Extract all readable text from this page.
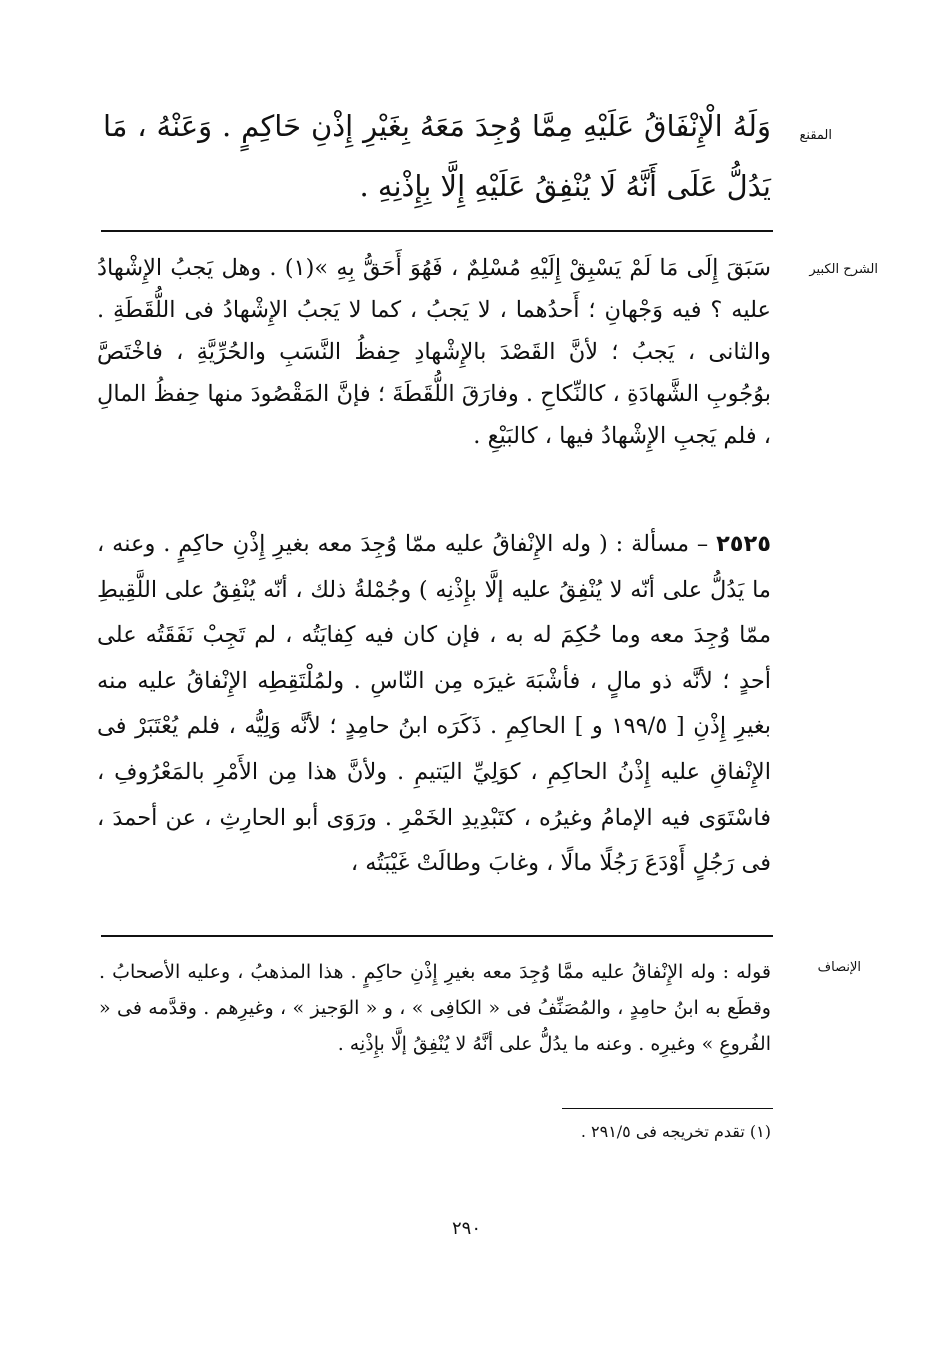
المقنع

وَلَهُ الْإِنْفَاقُ عَلَيْهِ مِمَّا وُجِدَ مَعَهُ بِغَيْرِ إِذْنِ حَاكِمٍ . وَعَنْهُ ، مَا يَدُلُّ عَلَى أَنَّهُ لَا يُنْفِقُ عَلَيْهِ إِلَّا بِإِذْنِهِ .

الشرح الكبير

سَبَقَ إِلَى مَا لَمْ يَسْبِقْ إِلَيْهِ مُسْلِمٌ ، فَهُوَ أَحَقُّ بِهِ »(١) . وهل يَجبُ الإِشْهادُ عليه ؟ فيه وَجْهانِ ؛ أَحدُهما ، لا يَجبُ ، كما لا يَجبُ الإِشْهادُ فى اللُّقَطَةِ . والثانى ، يَجبُ ؛ لأنَّ القَصْدَ بالإِشْهادِ حِفظُ النَّسَبِ والحُرِّيَّةِ ، فاخْتَصَّ بوُجُوبِ الشَّهادَةِ ، كالنِّكاحِ . وفارَقَ اللُّقَطَةَ ؛ فإنَّ المَقْصُودَ منها حِفظُ المالِ ، فلم يَجبِ الإِشْهادُ فيها ، كالبَيْعِ .

٢٥٢٥ – مسألة : ( وله الإِنْفاقُ عليه ممّا وُجِدَ معه بغيرِ إِذْنِ حاكِمٍ . وعنه ، ما يَدُلُّ على أنّه لا يُنْفِقُ عليه إلَّا بإِذْنِه ) وجُمْلةُ ذلك ، أنّه يُنْفِقُ على اللَّقِيطِ ممّا وُجِدَ معه وما حُكِمَ له به ، فإن كان فيه كِفايَتُه ، لم تَجِبْ نَفَقَتُه على أحدٍ ؛ لأنَّه ذو مالٍ ، فأشْبَهَ غيرَه مِن النّاسِ . ولمُلْتَقِطِه الإِنْفاقُ عليه منه بغيرِ إِذْنِ [ ١٩٩/٥ و ] الحاكِمِ . ذَكَرَه ابنُ حامِدٍ ؛ لأنَّه وَلِيُّه ، فلم يُعْتَبَرْ فى الإِنْفاقِ عليه إِذْنُ الحاكِمِ ، كوَلِيِّ اليَتيمِ . ولأنَّ هذا مِن الأَمْرِ بالمَعْرُوفِ ، فاسْتَوَى فيه الإمامُ وغيرُه ، كتَبْدِيدِ الخَمْرِ . ورَوَى أبو الحارِثِ ، عن أحمدَ ، فى رَجُلٍ أَوْدَعَ رَجُلًا مالًا ، وغابَ وطالَتْ غَيْبَتُه ،

الإنصاف

قوله : وله الإِنْفاقُ عليه ممَّا وُجِدَ معه بغيرِ إِذْنِ حاكِمٍ . هذا المذهبُ ، وعليه الأصحابُ . وقطَع به ابنُ حامِدٍ ، والمُصَنِّفُ فى « الكافِى » ، و « الوَجيز » ، وغيرِهم . وقدَّمه فى « الفُروعِ » وغيرِه . وعنه ما يدُلُّ على أنَّهُ لا يُنْفِقُ إلَّا بإِذْنِه .

(١) تقدم تخريجه فى ٢٩١/٥ .

٢٩٠
